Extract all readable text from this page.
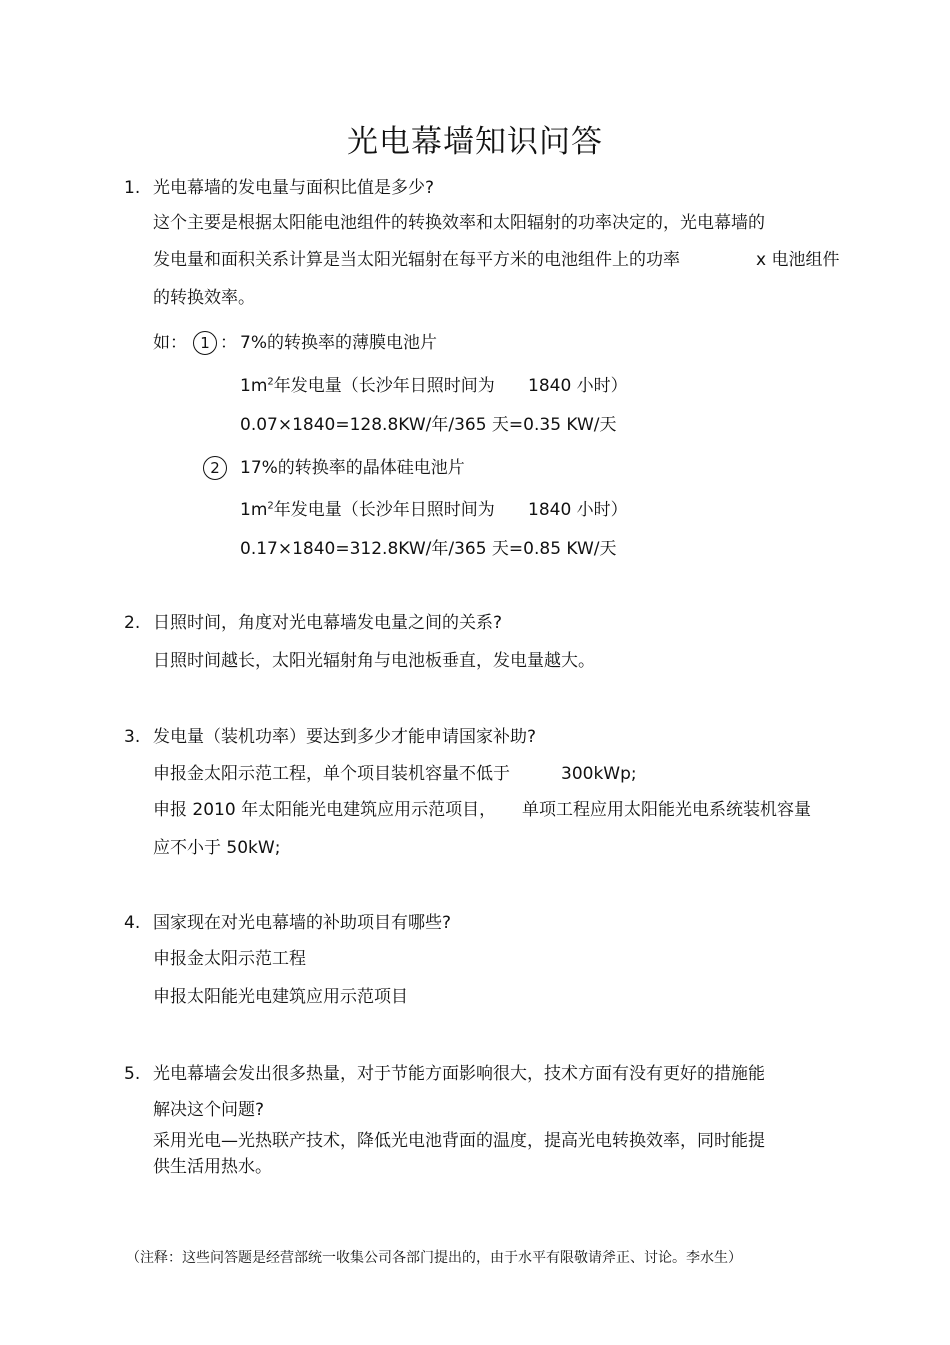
光电幕墙知识问答
1. 光电幕墙的发电量与面积比值是多少?
这个主要是根据太阳能电池组件的转换效率和太阳辐射的功率决定的，光电幕墙的
发电量和面积关系计算是当太阳光辐射在每平方米的电池组件上的功率	x 电池组件
的转换效率。
如： 1 ： 7%的转换率的薄膜电池片
$1m^2$年发电量（长沙年日照时间为 1840 小时）
0.07×1840=128.8KW/年/365 天=0.35 KW/天
2	17%的转换率的晶体硅电池片
$1m^2$年发电量（长沙年日照时间为 1840 小时）
0.17×1840=312.8KW/年/365 天=0.85 KW/天
2. 日照时间，角度对光电幕墙发电量之间的关系?
日照时间越长，太阳光辐射角与电池板垂直，发电量越大。
3. 发电量（装机功率）要达到多少才能申请国家补助?
申报金太阳示范工程，单个项目装机容量不低于	300kWp;
申报 2010 年太阳能光电建筑应用示范项目， 单项工程应用太阳能光电系统装机容量
应不小于 50kW;
4. 国家现在对光电幕墙的补助项目有哪些?
申报金太阳示范工程
申报太阳能光电建筑应用示范项目
5. 光电幕墙会发出很多热量，对于节能方面影响很大，技术方面有没有更好的措施能
解决这个问题?
采用光电—光热联产技术，降低光电池背面的温度，提高光电转换效率，同时能提
供生活用热水。
（注释：这些问答题是经营部统一收集公司各部门提出的，由于水平有限敬请斧正、讨论。李水生）
